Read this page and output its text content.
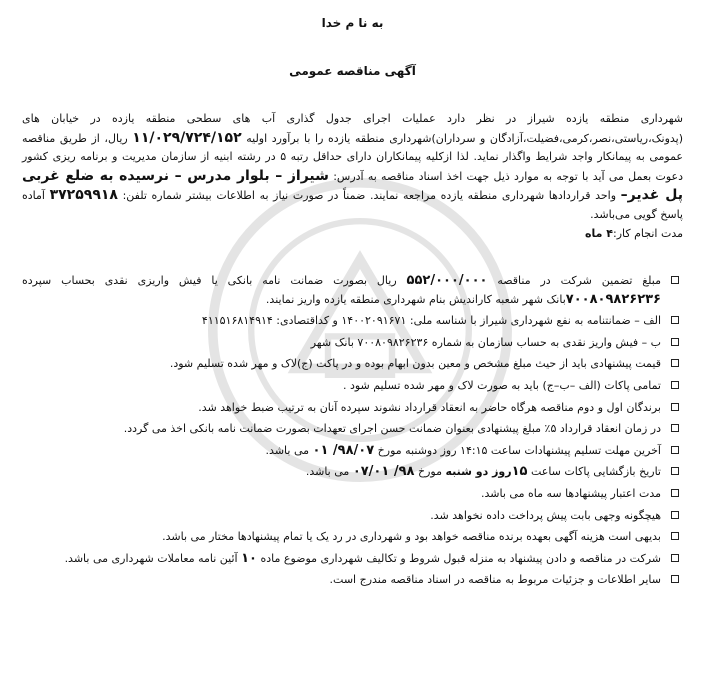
به نا م خدا
آگهی مناقصه عمومی
شهرداری منطقه یازده شیراز در نظر دارد عملیات اجرای جدول گذاری آب های سطحی منطقه یازده در خیابان های (پدونک،ریاستی،نصر،کرمی،فضیلت،آزادگان و سرداران)شهرداری منطقه یازده را با برآورد اولیه ۱۱/۰۲۹/۷۲۴/۱۵۲ ریال، از طریق مناقصه عمومی به پیمانکار واجد شرایط واگذار نماید. لذا ازکلیه پیمانکاران دارای حداقل رتبه ۵ در رشته ابنیه از سازمان مدیریت و برنامه ریزی کشور دعوت بعمل می آید با توجه به موارد ذیل جهت اخذ اسناد مناقصه به آدرس: شیراز – بلوار مدرس – نرسیده به ضلع غربی پل غدیر– واحد قراردادها شهرداری منطقه یازده مراجعه نمایند. ضمناً در صورت نیاز به اطلاعات بیشتر شماره تلفن: ۳۷۲۵۹۹۱۸ آماده پاسخ گویی می‌باشد.
مدت انجام کار:۴ ماه
مبلغ تضمین شرکت در مناقصه ۵۵۲/۰۰۰/۰۰۰ ریال بصورت ضمانت نامه بانکی یا فیش واریزی نقدی بحساب سپرده ۷۰۰۸۰۹۸۲۶۲۳۶بانک شهر شعبه کارانديش بنام شهرداری منطقه یازده واریز نمایند.
الف – ضمانتنامه به نفع شهرداری شیراز با شناسه ملی: ۱۴۰۰۲۰۹۱۶۷۱ و کداقتصادی: ۴۱۱۵۱۶۸۱۴۹۱۴
ب – فیش واریز نقدی به حساب سازمان به شماره ۷۰۰۸۰۹۸۲۶۲۳۶ بانک شهر
قیمت پیشنهادی باید از حیث مبلغ مشخص و معین بدون ابهام بوده و در پاکت (ج)لاک و مهر شده تسلیم شود.
تمامی پاکات (الف –ب–ج) باید به صورت لاک و مهر شده تسلیم شود .
برندگان اول و دوم مناقصه هرگاه حاضر به انعقاد قرارداد نشوند سپرده آنان به ترتیب ضبط خواهد شد.
در زمان انعقاد قرارداد ۵٪ مبلغ پیشنهادی بعنوان ضمانت حسن اجرای تعهدات بصورت ضمانت نامه بانکی اخذ می گردد.
آخرین مهلت تسلیم پیشنهادات ساعت ۱۴:۱۵ روز دوشنبه مورخ ۹۸/۰۷/ ۰۱ می باشد.
تاریخ بازگشایی پاکات ساعت ۱۵روز دو شنبه مورخ ۹۸/ ۰۷/۰۱ می باشد.
مدت اعتبار پیشنهادها سه ماه می باشد.
هیچگونه وجهی بابت پیش پرداخت داده نخواهد شد.
بدیهی است هزینه آگهی بعهده برنده مناقصه خواهد بود و شهرداری در رد یک یا تمام پیشنهادها مختار می باشد.
شرکت در مناقصه و دادن پیشنهاد به منزله قبول شروط و تکالیف شهرداری موضوع ماده ۱۰ آئین نامه معاملات شهرداری می باشد.
سایر اطلاعات و جزئیات مربوط به مناقصه در اسناد مناقصه مندرج است.
